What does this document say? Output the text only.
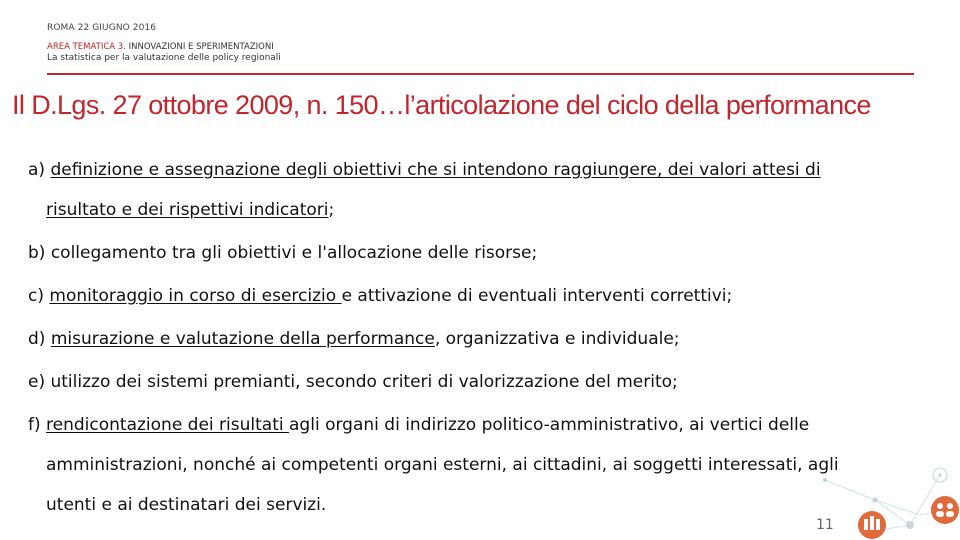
ROMA 22 GIUGNO 2016
AREA TEMATICA 3. INNOVAZIONI E SPERIMENTAZIONI
La statistica per la valutazione delle policy regionali
Il D.Lgs. 27 ottobre 2009, n. 150…l’articolazione del ciclo della performance
a) definizione e assegnazione degli obiettivi che si intendono raggiungere, dei valori attesi di
risultato e dei rispettivi indicatori;
b) collegamento tra gli obiettivi e l'allocazione delle risorse;
c) monitoraggio in corso di esercizio e attivazione di eventuali interventi correttivi;
d) misurazione e valutazione della performance, organizzativa e individuale;
e) utilizzo dei sistemi premianti, secondo criteri di valorizzazione del merito;
f) rendicontazione dei risultati agli organi di indirizzo politico-amministrativo, ai vertici delle
amministrazioni, nonché ai competenti organi esterni, ai cittadini, ai soggetti interessati, agli
utenti e ai destinatari dei servizi.
11
